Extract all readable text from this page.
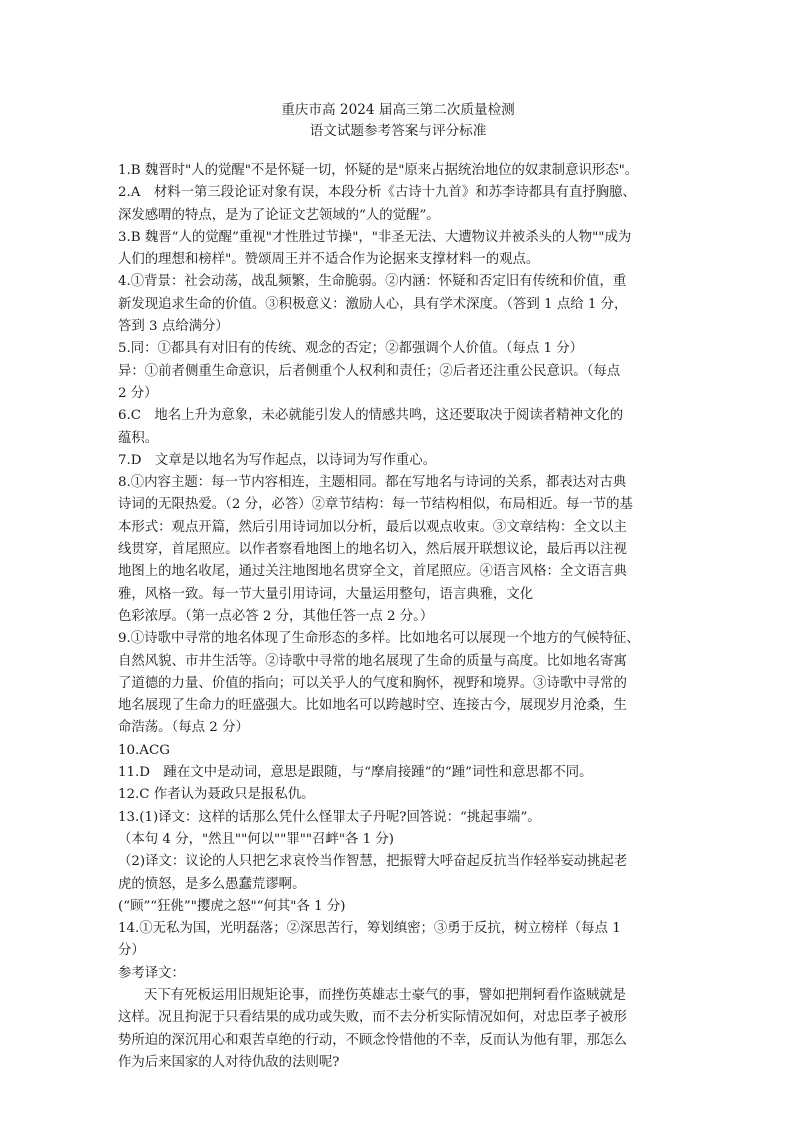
重庆市高 2024 届高三第二次质量检测

语文试题参考答案与评分标准

1.B 魏晋时"人的觉醒"不是怀疑一切，怀疑的是"原来占据统治地位的奴隶制意识形态"。

2.A　材料一第三段论证对象有误，本段分析《古诗十九首》和苏李诗都具有直抒胸臆、

深发感喟的特点，是为了论证文艺领域的“人的觉醒”。

3.B 魏晋“人的觉醒”重视"才性胜过节操"，"非圣无法、大遭物议并被杀头的人物""成为

人们的理想和榜样"。赞颂周王并不适合作为论据来支撑材料一的观点。

4.①背景：社会动荡，战乱频繁，生命脆弱。②内涵：怀疑和否定旧有传统和价值，重

新发现追求生命的价值。③积极意义：激励人心，具有学术深度。（答到 1 点给 1 分，

答到 3 点给满分）

5.同：①都具有对旧有的传统、观念的否定；②都强调个人价值。（每点 1 分）

异：①前者侧重生命意识，后者侧重个人权利和责任；②后者还注重公民意识。（每点

2 分）

6.C　地名上升为意象，未必就能引发人的情感共鸣，这还要取决于阅读者精神文化的

蕴积。

7.D　文章是以地名为写作起点，以诗词为写作重心。

8.①内容主题：每一节内容相连，主题相同。都在写地名与诗词的关系，都表达对古典

诗词的无限热爱。（2 分，必答）②章节结构：每一节结构相似，布局相近。每一节的基

本形式：观点开篇，然后引用诗词加以分析，最后以观点收束。③文章结构：全文以主

线贯穿，首尾照应。以作者察看地图上的地名切入，然后展开联想议论，最后再以注视

地图上的地名收尾，通过关注地图地名贯穿全文，首尾照应。④语言风格：全文语言典

雅，风格一致。每一节大量引用诗词，大量运用整句，语言典雅，文化

色彩浓厚。（第一点必答 2 分，其他任答一点 2 分。）

9.①诗歌中寻常的地名体现了生命形态的多样。比如地名可以展现一个地方的气候特征、

自然风貌、市井生活等。②诗歌中寻常的地名展现了生命的质量与高度。比如地名寄寓

了道德的力量、价值的指向；可以关乎人的气度和胸怀，视野和境界。③诗歌中寻常的

地名展现了生命力的旺盛强大。比如地名可以跨越时空、连接古今，展现岁月沧桑，生

命浩荡。（每点 2 分）

10.ACG

11.D　踵在文中是动词，意思是跟随，与“摩肩接踵”的“踵”词性和意思都不同。

12.C 作者认为聂政只是报私仇。

13.(1)译文：这样的话那么凭什么怪罪太子丹呢?回答说：“挑起事端”。

（本句 4 分，"然且""何以""罪""召衅"各 1 分)

（2)译文：议论的人只把乞求哀怜当作智慧，把振臂大呼奋起反抗当作轻举妄动挑起老

虎的愤怒，是多么愚蠢荒谬啊。

(“顾”“狂佻”"撄虎之怒"“何其"各 1 分)

14.①无私为国，光明磊落；②深思苦行，筹划缜密；③勇于反抗，树立榜样（每点 1

分）

参考译文：

天下有死板运用旧规矩论事，而挫伤英雄志士豪气的事，譬如把荆轲看作盗贼就是

这样。况且拘泥于只看结果的成功或失败，而不去分析实际情况如何，对忠臣孝子被形

势所迫的深沉用心和艰苦卓绝的行动，不顾念怜惜他的不幸，反而认为他有罪，那怎么

作为后来国家的人对待仇敌的法则呢?
